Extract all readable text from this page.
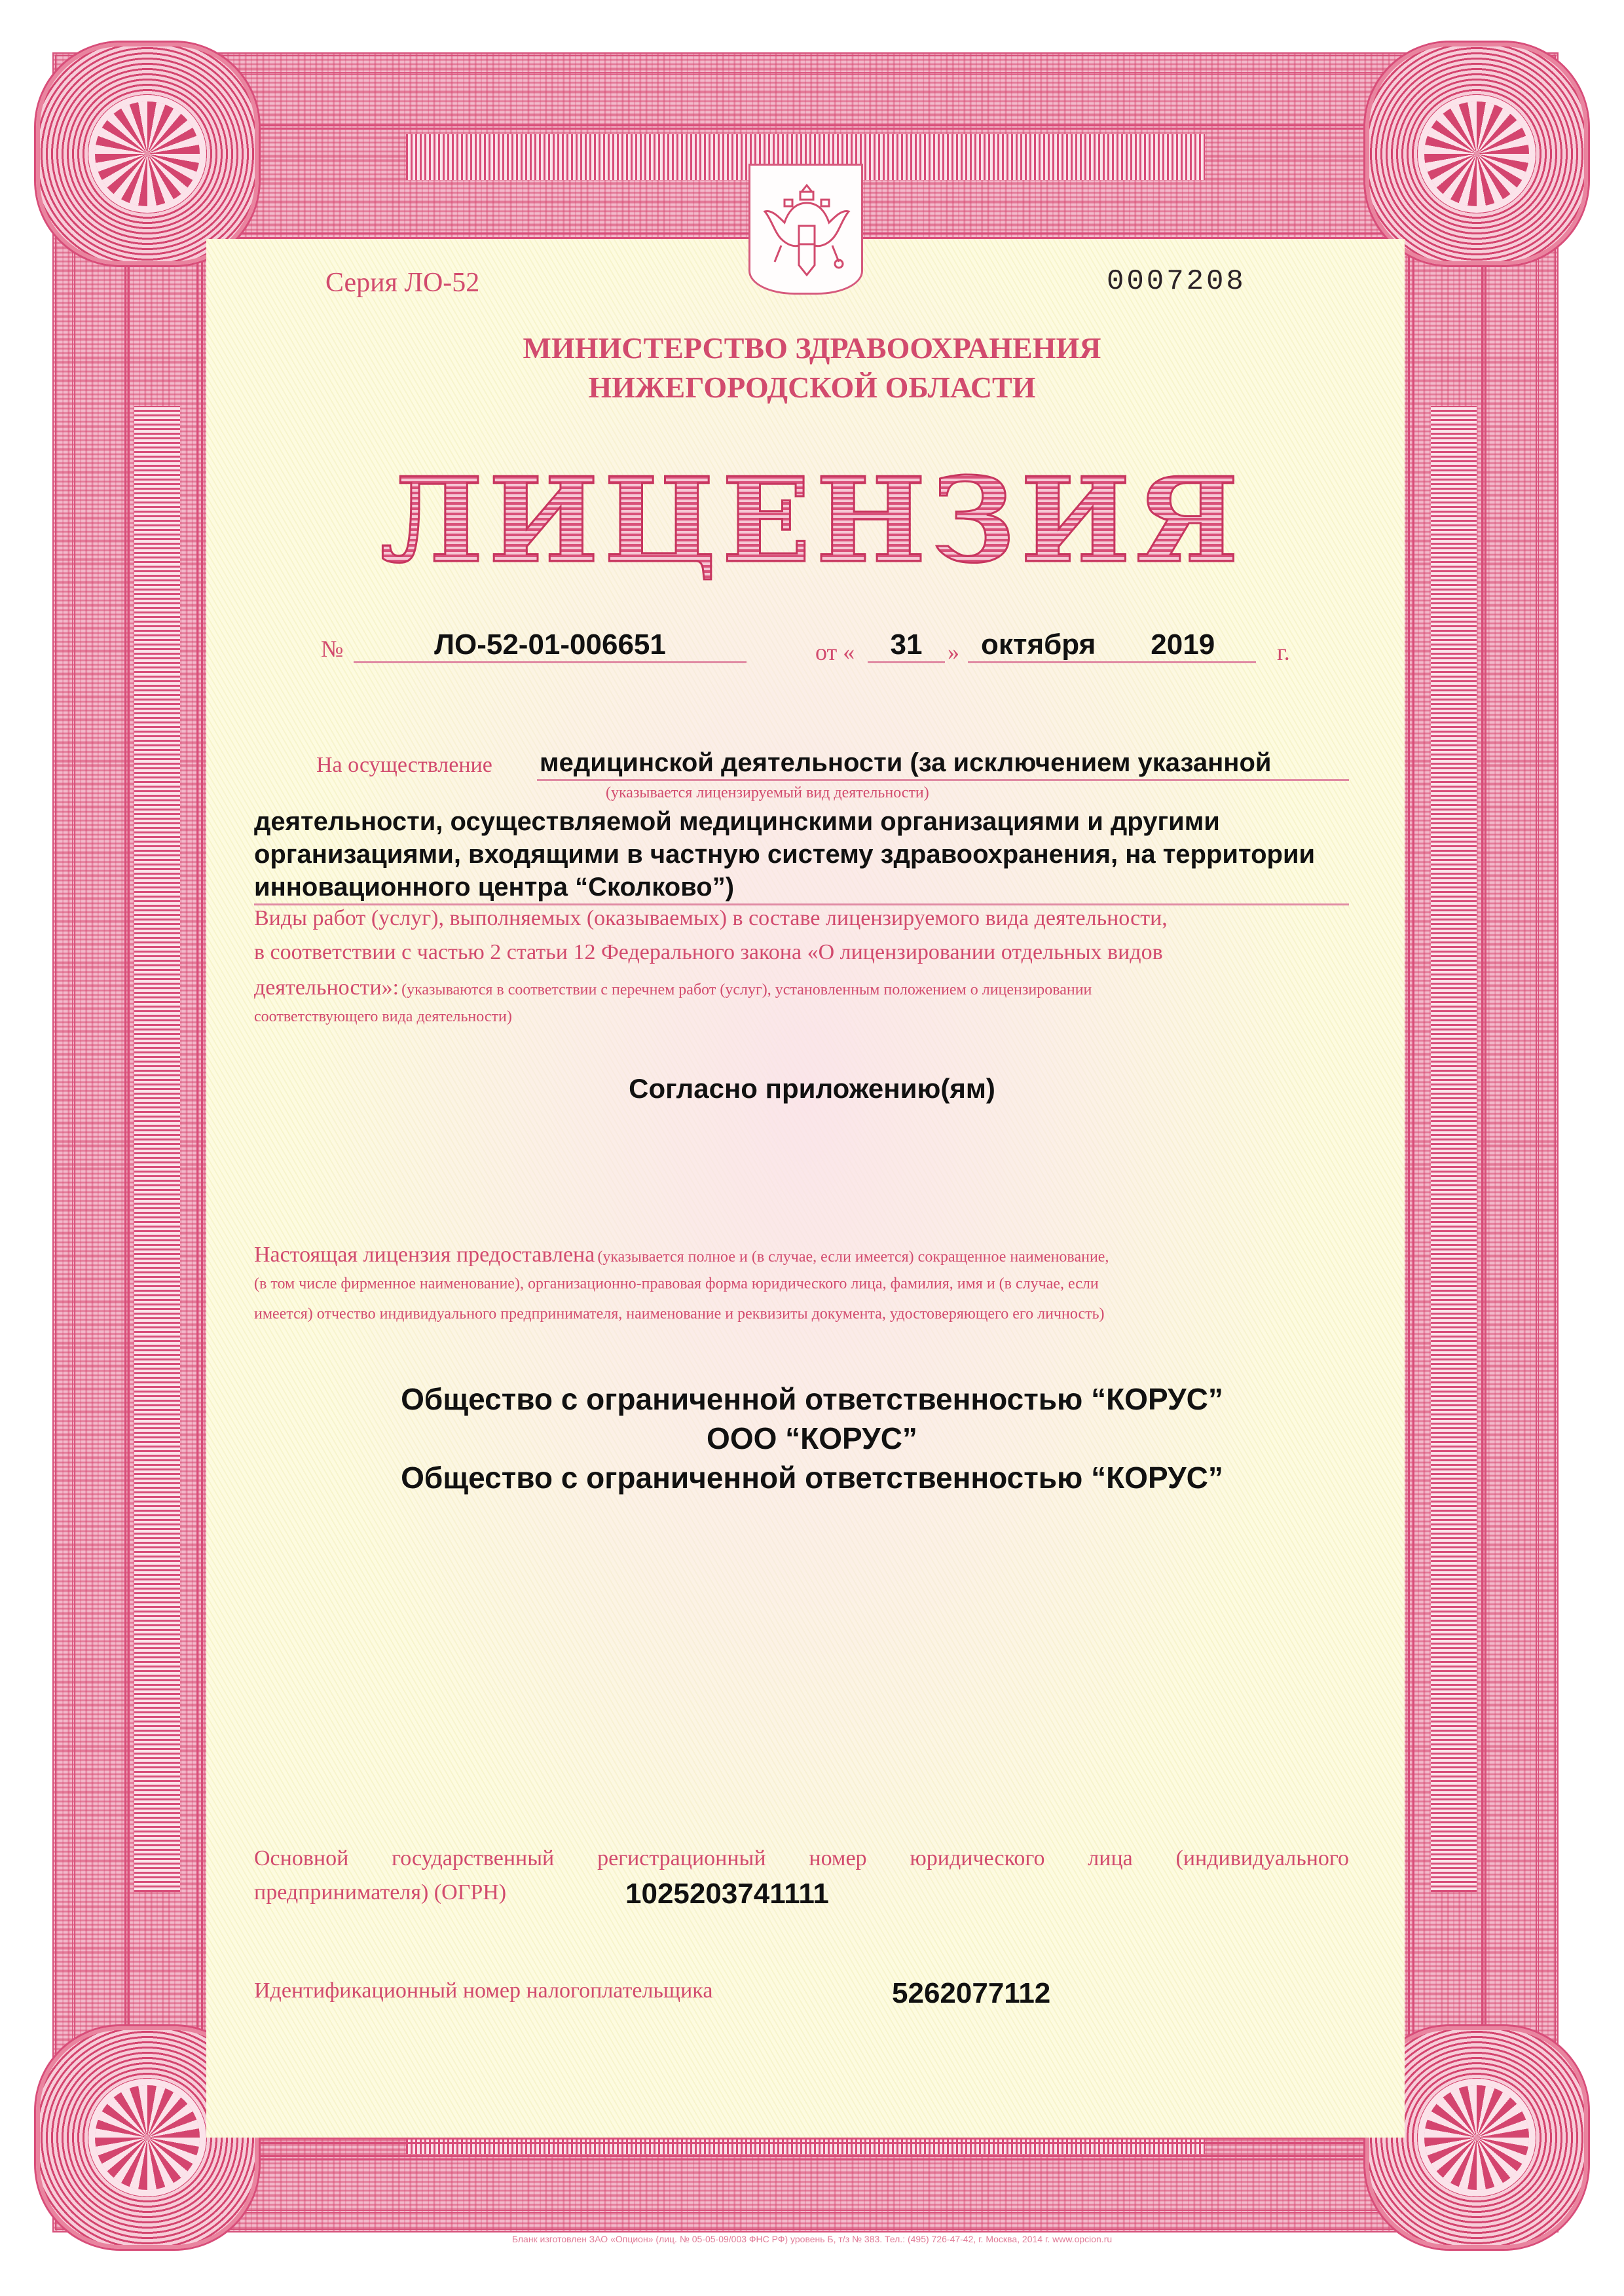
Серия ЛО-52	0007208
МИНИСТЕРСТВО ЗДРАВООХРАНЕНИЯ
НИЖЕГОРОДСКОЙ ОБЛАСТИ
ЛИЦЕНЗИЯ
№	ЛО-52-01-006651	от «	31	» октября 2019	г.
На осуществление медицинской деятельности (за исключением указанной
(указывается лицензируемый вид деятельности)
деятельности, осуществляемой медицинскими организациями и другими
организациями, входящими в частную систему здравоохранения, на территории
инновационного центра “Сколково”)
Виды работ (услуг), выполняемых (оказываемых) в составе лицензируемого вида деятельности,
в соответствии с частью 2 статьи 12 Федерального закона «О лицензировании отдельных видов
деятельности»: (указываются в соответствии с перечнем работ (услуг), установленным положением о лицензировании
соответствующего вида деятельности)
Согласно приложению(ям)
Настоящая лицензия предоставлена (указывается полное и (в случае, если имеется) сокращенное наименование,
(в том числе фирменное наименование), организационно-правовая форма юридического лица, фамилия, имя и (в случае, если
имеется) отчество индивидуального предпринимателя, наименование и реквизиты документа, удостоверяющего его личность)
Общество с ограниченной ответственностью “КОРУС”
ООО “КОРУС”
Общество с ограниченной ответственностью “КОРУС”
Основной государственный регистрационный номер юридического лица (индивидуального
предпринимателя) (ОГРН)	1025203741111
Идентификационный номер налогоплательщика	5262077112
Бланк изготовлен ЗАО «Опцион» (лиц. № 05-05-09/003 ФНС РФ) уровень Б, т/з № 383. Тел.: (495) 726-47-42, г. Москва, 2014 г. www.opcion.ru
